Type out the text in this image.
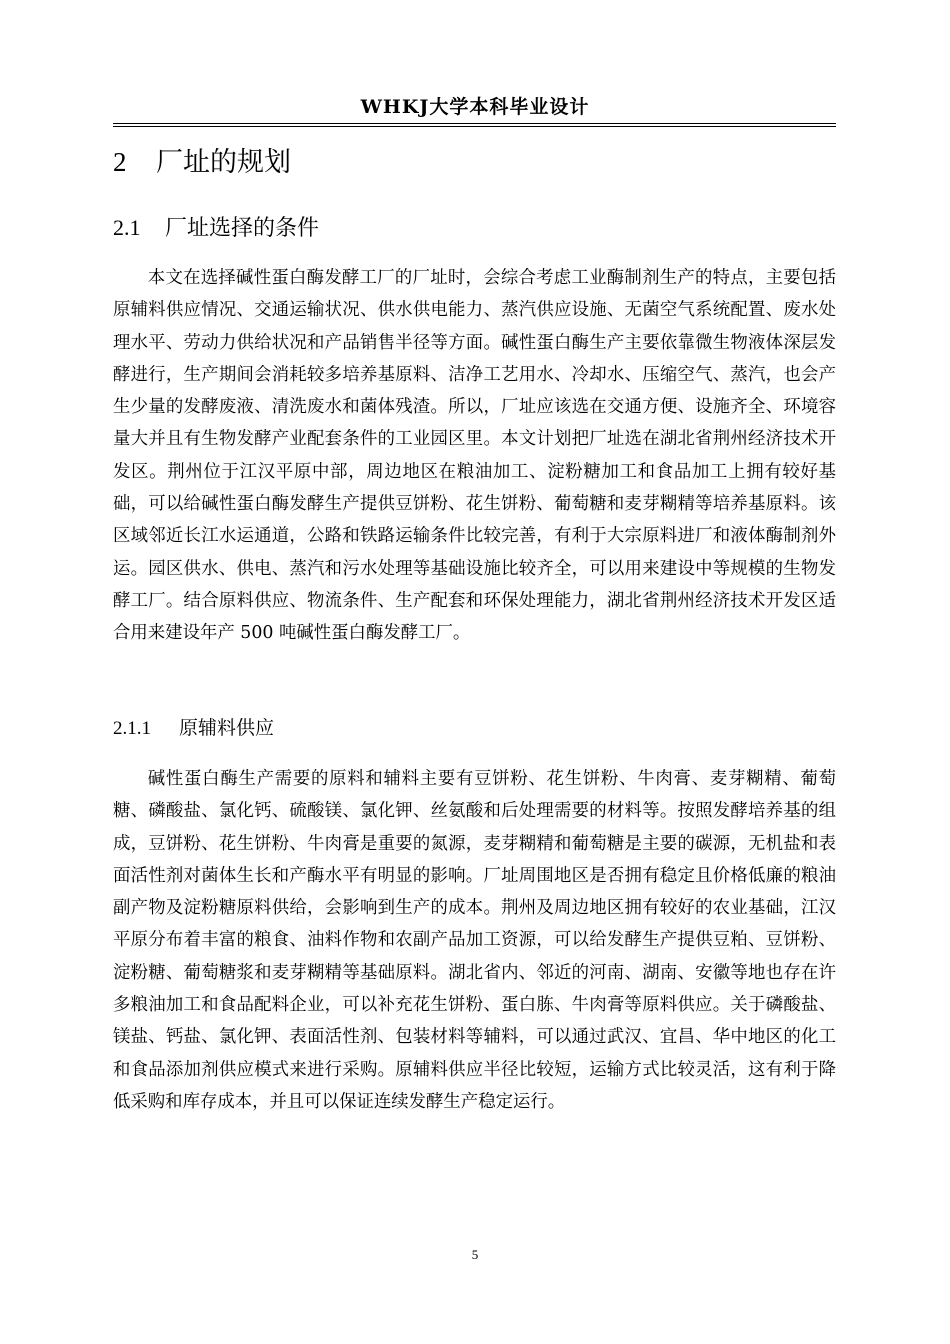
WHKJ大学本科毕业设计
2 厂址的规划
2.1 厂址选择的条件

本文在选择碱性蛋白酶发酵工厂的厂址时，会综合考虑工业酶制剂生产的特点，主要包括原辅料供应情况、交通运输状况、供水供电能力、蒸汽供应设施、无菌空气系统配置、废水处理水平、劳动力供给状况和产品销售半径等方面。碱性蛋白酶生产主要依靠微生物液体深层发酵进行，生产期间会消耗较多培养基原料、洁净工艺用水、冷却水、压缩空气、蒸汽，也会产生少量的发酵废液、清洗废水和菌体残渣。所以，厂址应该选在交通方便、设施齐全、环境容量大并且有生物发酵产业配套条件的工业园区里。本文计划把厂址选在湖北省荆州经济技术开发区。荆州位于江汉平原中部，周边地区在粮油加工、淀粉糖加工和食品加工上拥有较好基础，可以给碱性蛋白酶发酵生产提供豆饼粉、花生饼粉、葡萄糖和麦芽糊精等培养基原料。该区域邻近长江水运通道，公路和铁路运输条件比较完善，有利于大宗原料进厂和液体酶制剂外运。园区供水、供电、蒸汽和污水处理等基础设施比较齐全，可以用来建设中等规模的生物发酵工厂。结合原料供应、物流条件、生产配套和环保处理能力，湖北省荆州经济技术开发区适合用来建设年产 500 吨碱性蛋白酶发酵工厂。

2.1.1 原辅料供应

碱性蛋白酶生产需要的原料和辅料主要有豆饼粉、花生饼粉、牛肉膏、麦芽糊精、葡萄糖、磷酸盐、氯化钙、硫酸镁、氯化钾、丝氨酸和后处理需要的材料等。按照发酵培养基的组成，豆饼粉、花生饼粉、牛肉膏是重要的氮源，麦芽糊精和葡萄糖是主要的碳源，无机盐和表面活性剂对菌体生长和产酶水平有明显的影响。厂址周围地区是否拥有稳定且价格低廉的粮油副产物及淀粉糖原料供给，会影响到生产的成本。荆州及周边地区拥有较好的农业基础，江汉平原分布着丰富的粮食、油料作物和农副产品加工资源，可以给发酵生产提供豆粕、豆饼粉、淀粉糖、葡萄糖浆和麦芽糊精等基础原料。湖北省内、邻近的河南、湖南、安徽等地也存在许多粮油加工和食品配料企业，可以补充花生饼粉、蛋白胨、牛肉膏等原料供应。关于磷酸盐、镁盐、钙盐、氯化钾、表面活性剂、包装材料等辅料，可以通过武汉、宜昌、华中地区的化工和食品添加剂供应模式来进行采购。原辅料供应半径比较短，运输方式比较灵活，这有利于降低采购和库存成本，并且可以保证连续发酵生产稳定运行。

5
